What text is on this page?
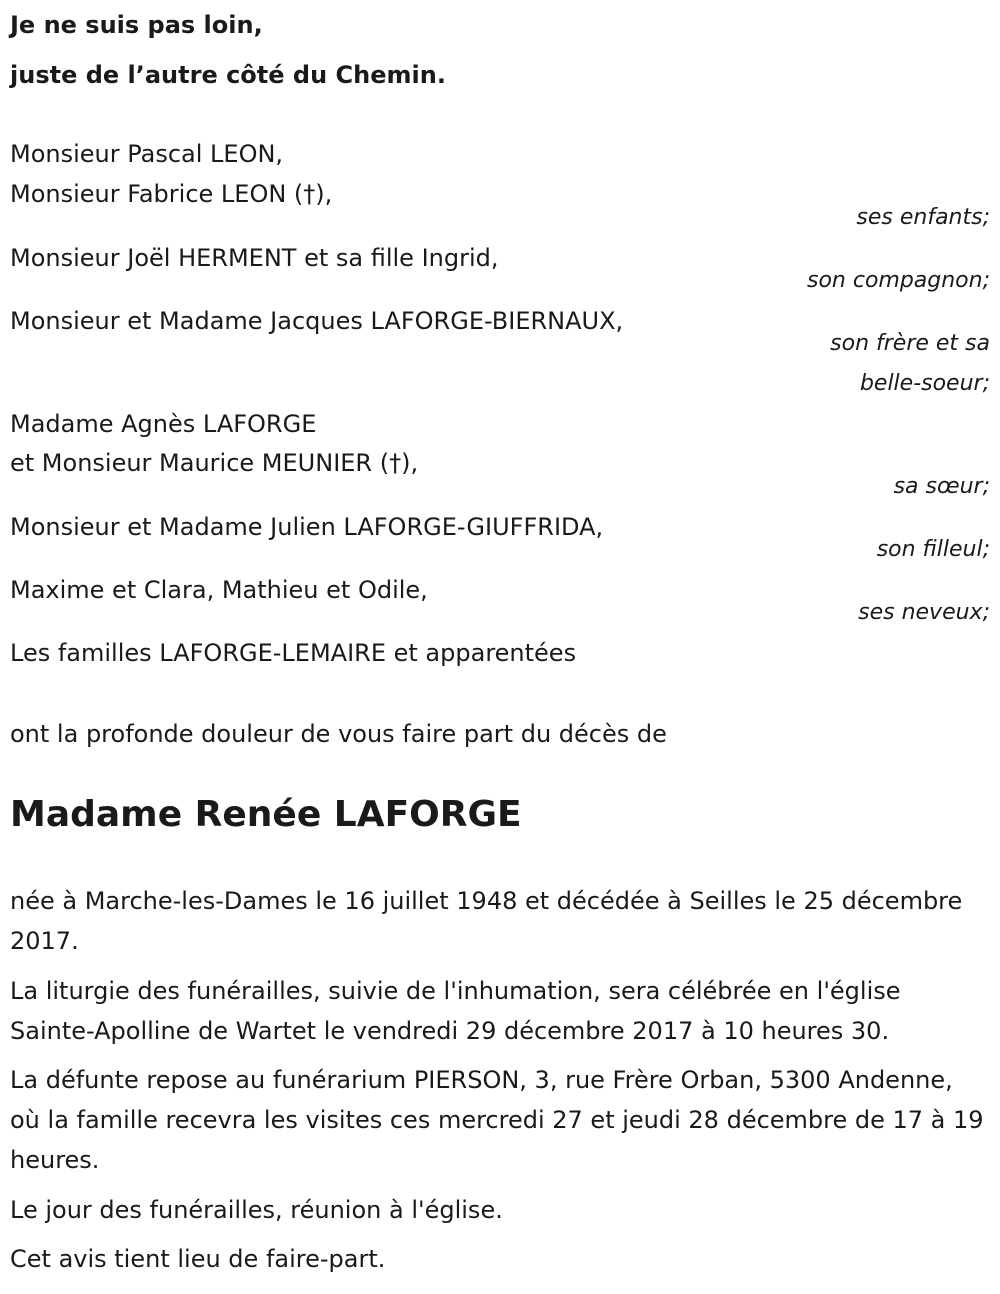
Je ne suis pas loin,

juste de l’autre côté du Chemin.

Monsieur Pascal LEON,

Monsieur Fabrice LEON (†),

ses enfants;

Monsieur Joël HERMENT et sa fille Ingrid,

son compagnon;

Monsieur et Madame Jacques LAFORGE-BIERNAUX,

son frère et sa

belle-soeur;

Madame Agnès LAFORGE

et Monsieur Maurice MEUNIER (†),

sa sœur;

Monsieur et Madame Julien LAFORGE-GIUFFRIDA,

son filleul;

Maxime et Clara, Mathieu et Odile,

ses neveux;

Les familles LAFORGE-LEMAIRE et apparentées

ont la profonde douleur de vous faire part du décès de

Madame Renée LAFORGE

née à Marche-les-Dames le 16 juillet 1948 et décédée à Seilles le 25 décembre 2017.

La liturgie des funérailles, suivie de l'inhumation, sera célébrée en l'église Sainte-Apolline de Wartet le vendredi 29 décembre 2017 à 10 heures 30.

La défunte repose au funérarium PIERSON, 3, rue Frère Orban, 5300 Andenne, où la famille recevra les visites ces mercredi 27 et jeudi 28 décembre de 17 à 19 heures.

Le jour des funérailles, réunion à l'église.

Cet avis tient lieu de faire-part.
